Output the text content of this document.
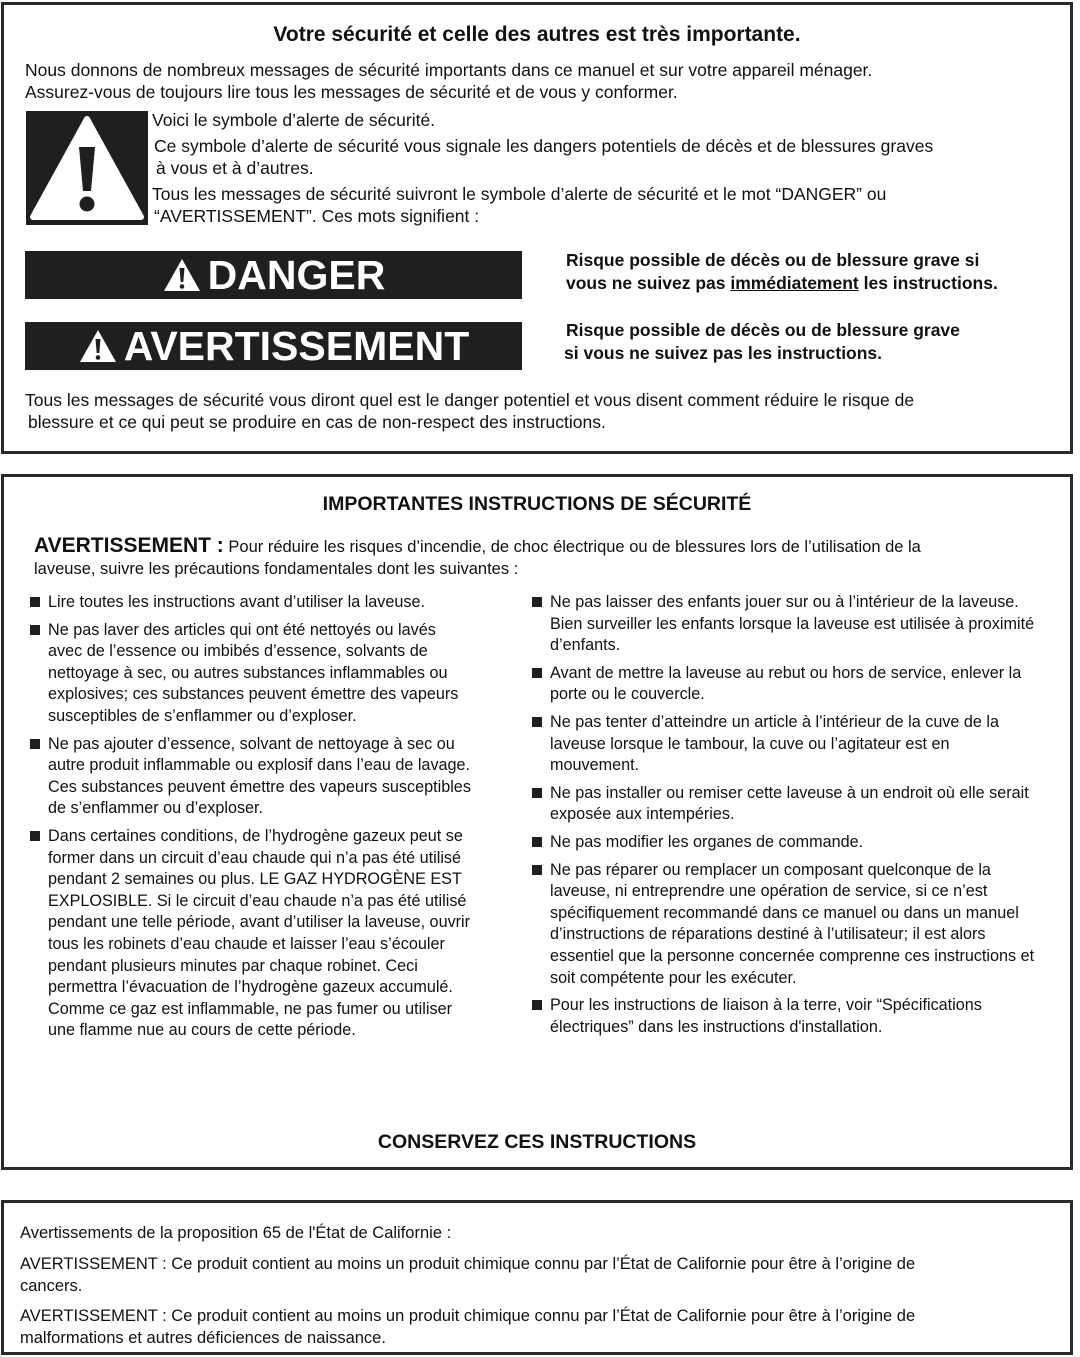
Votre sécurité et celle des autres est très importante.
Nous donnons de nombreux messages de sécurité importants dans ce manuel et sur votre appareil ménager.
Assurez-vous de toujours lire tous les messages de sécurité et de vous y conformer.
Voici le symbole d’alerte de sécurité.
Ce symbole d’alerte de sécurité vous signale les dangers potentiels de décès et de blessures graves
à vous et à d’autres.
Tous les messages de sécurité suivront le symbole d’alerte de sécurité et le mot “DANGER” ou
“AVERTISSEMENT”. Ces mots signifient :
DANGER	Risque possible de décès ou de blessure grave si
vous ne suivez pas immédiatement les instructions.
AVERTISSEMENT	Risque possible de décès ou de blessure grave
si vous ne suivez pas les instructions.
Tous les messages de sécurité vous diront quel est le danger potentiel et vous disent comment réduire le risque de
blessure et ce qui peut se produire en cas de non-respect des instructions.
IMPORTANTES INSTRUCTIONS DE SÉCURITÉ
AVERTISSEMENT : Pour réduire les risques d’incendie, de choc électrique ou de blessures lors de l’utilisation de la
laveuse, suivre les précautions fondamentales dont les suivantes :
Lire toutes les instructions avant d’utiliser la laveuse.
Ne pas laver des articles qui ont été nettoyés ou lavés avec de l’essence ou imbibés d’essence, solvants de nettoyage à sec, ou autres substances inflammables ou explosives; ces substances peuvent émettre des vapeurs susceptibles de s’enflammer ou d’exploser.
Ne pas ajouter d’essence, solvant de nettoyage à sec ou autre produit inflammable ou explosif dans l’eau de lavage. Ces substances peuvent émettre des vapeurs susceptibles de s’enflammer ou d’exploser.
Dans certaines conditions, de l’hydrogène gazeux peut se former dans un circuit d’eau chaude qui n’a pas été utilisé pendant 2 semaines ou plus. LE GAZ HYDROGÈNE EST EXPLOSIBLE. Si le circuit d’eau chaude n’a pas été utilisé pendant une telle période, avant d’utiliser la laveuse, ouvrir tous les robinets d’eau chaude et laisser l’eau s’écouler pendant plusieurs minutes par chaque robinet. Ceci permettra l’évacuation de l’hydrogène gazeux accumulé. Comme ce gaz est inflammable, ne pas fumer ou utiliser une flamme nue au cours de cette période.
Ne pas laisser des enfants jouer sur ou à l’intérieur de la laveuse. Bien surveiller les enfants lorsque la laveuse est utilisée à proximité d’enfants.
Avant de mettre la laveuse au rebut ou hors de service, enlever la porte ou le couvercle.
Ne pas tenter d’atteindre un article à l’intérieur de la cuve de la laveuse lorsque le tambour, la cuve ou l’agitateur est en mouvement.
Ne pas installer ou remiser cette laveuse à un endroit où elle serait exposée aux intempéries.
Ne pas modifier les organes de commande.
Ne pas réparer ou remplacer un composant quelconque de la laveuse, ni entreprendre une opération de service, si ce n’est spécifiquement recommandé dans ce manuel ou dans un manuel d’instructions de réparations destiné à l’utilisateur; il est alors essentiel que la personne concernée comprenne ces instructions et soit compétente pour les exécuter.
Pour les instructions de liaison à la terre, voir “Spécifications électriques” dans les instructions d'installation.
CONSERVEZ CES INSTRUCTIONS
Avertissements de la proposition 65 de l'État de Californie :
AVERTISSEMENT : Ce produit contient au moins un produit chimique connu par l’État de Californie pour être à l’origine de
cancers.
AVERTISSEMENT : Ce produit contient au moins un produit chimique connu par l’État de Californie pour être à l’origine de
malformations et autres déficiences de naissance.
